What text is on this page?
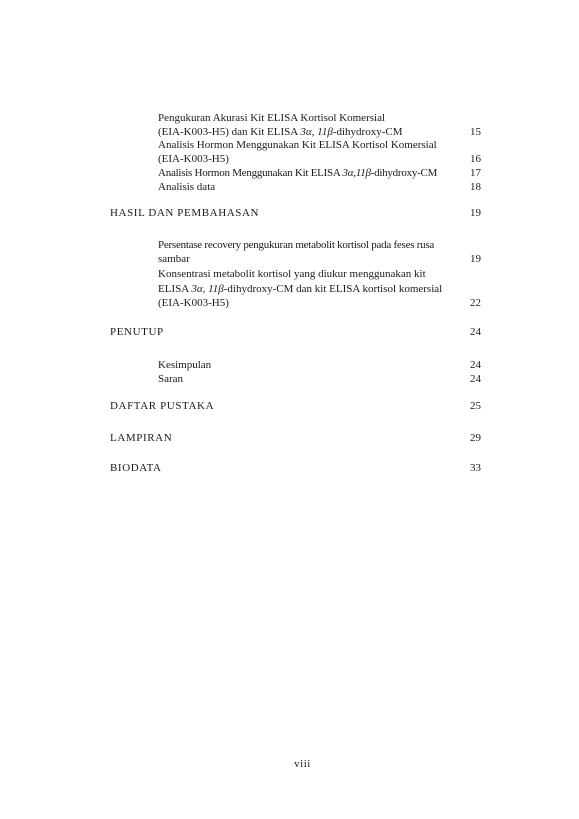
Pengukuran Akurasi Kit ELISA Kortisol Komersial
(EIA-K003-H5) dan Kit ELISA 3α, 11β-dihydroxy-CM	15
Analisis Hormon Menggunakan Kit ELISA Kortisol Komersial
(EIA-K003-H5)	16
Analisis Hormon Menggunakan Kit ELISA 3α,11β-dihydroxy-CM	17
Analisis data	18
HASIL DAN PEMBAHASAN	19
Persentase recovery pengukuran metabolit kortisol pada feses rusa
sambar	19
Konsentrasi metabolit kortisol yang diukur menggunakan kit
ELISA 3α, 11β-dihydroxy-CM dan kit ELISA kortisol komersial
(EIA-K003-H5)	22
PENUTUP	24
Kesimpulan	24
Saran	24
DAFTAR PUSTAKA	25
LAMPIRAN	29
BIODATA	33
viii
